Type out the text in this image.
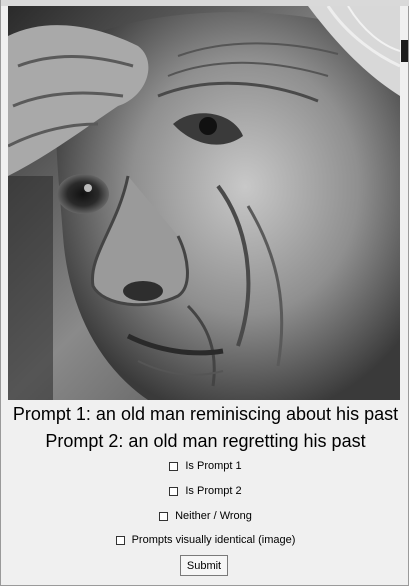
Prompt 1: an old man reminiscing about his past
Prompt 2: an old man regretting his past
Is Prompt 1
Is Prompt 2
Neither / Wrong
Prompts visually identical (image)
Submit
